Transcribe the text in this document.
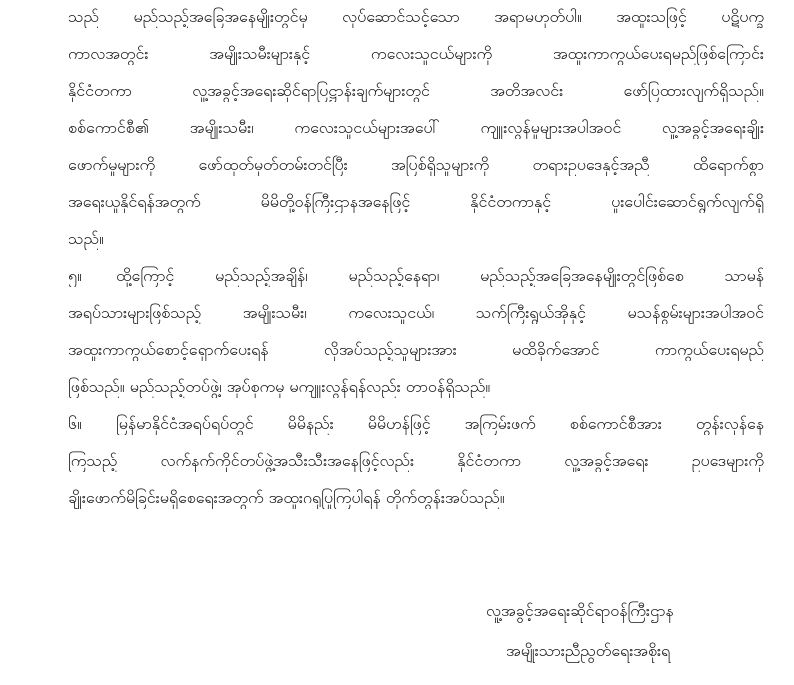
သည် မည်သည့်အခြေအနေမျိုးတွင်မှ လုပ်ဆောင်သင့်သော အရာမဟုတ်ပါ။ အထူးသဖြင့် ပဋိပက္ခ
ကာလအတွင်း အမျိုးသမီးများနှင့် ကလေးသူငယ်များကို အထူးကာကွယ်ပေးရမည်ဖြစ်ကြောင်း
နိုင်ငံတကာ လူ့အခွင့်အရေးဆိုင်ရာပြဋ္ဌာန်းချက်များတွင် အတိအလင်း ဖော်ပြထားလျက်ရှိသည်။
စစ်ကောင်စီ၏ အမျိုးသမီး၊ ကလေးသူငယ်များအပေါ် ကျူးလွန်မှုများအပါအဝင် လူ့အခွင့်အရေးချိုး
ဖောက်မှုများကို ဖော်ထုတ်မှတ်တမ်းတင်ပြီး အပြစ်ရှိသူများကို တရားဥပဒေနှင့်အညီ ထိရောက်စွာ
အရေးယူနိုင်ရန်အတွက် မိမိတို့ဝန်ကြီးဌာနအနေဖြင့် နိုင်ငံတကာနှင့် ပူးပေါင်းဆောင်ရွက်လျက်ရှိ
သည်။
၅။ ထို့ကြောင့် မည်သည့်အချိန်၊ မည်သည့်နေရာ၊ မည်သည့်အခြေအနေမျိုးတွင်ဖြစ်စေ သာမန်
အရပ်သားများဖြစ်သည့် အမျိုးသမီး၊ ကလေးသူငယ်၊ သက်ကြီးရွယ်အိုနှင့် မသန်စွမ်းများအပါအဝင်
အထူးကာကွယ်စောင့်ရှောက်ပေးရန် လိုအပ်သည့်သူများအား မထိခိုက်အောင် ကာကွယ်ပေးရမည်
ဖြစ်သည်။ မည်သည့်တပ်ဖွဲ့၊ အုပ်စုကမှ မကျူးလွန်ရန်လည်း တာဝန်ရှိသည်။
၆။ မြန်မာနိုင်ငံအရပ်ရပ်တွင် မိမိနည်း မိမိဟန်ဖြင့် အကြမ်းဖက် စစ်ကောင်စီအား တွန်းလှန်နေ
ကြသည့် လက်နက်ကိုင်တပ်ဖွဲ့အသီးသီးအနေဖြင့်လည်း နိုင်ငံတကာ လူ့အခွင့်အရေး ဥပဒေများကို
ချိုးဖောက်မိခြင်းမရှိစေရေးအတွက် အထူးဂရုပြုကြပါရန် တိုက်တွန်းအပ်သည်။
လူ့အခွင့်အရေးဆိုင်ရာဝန်ကြီးဌာန
အမျိုးသားညီညွတ်ရေးအစိုးရ
